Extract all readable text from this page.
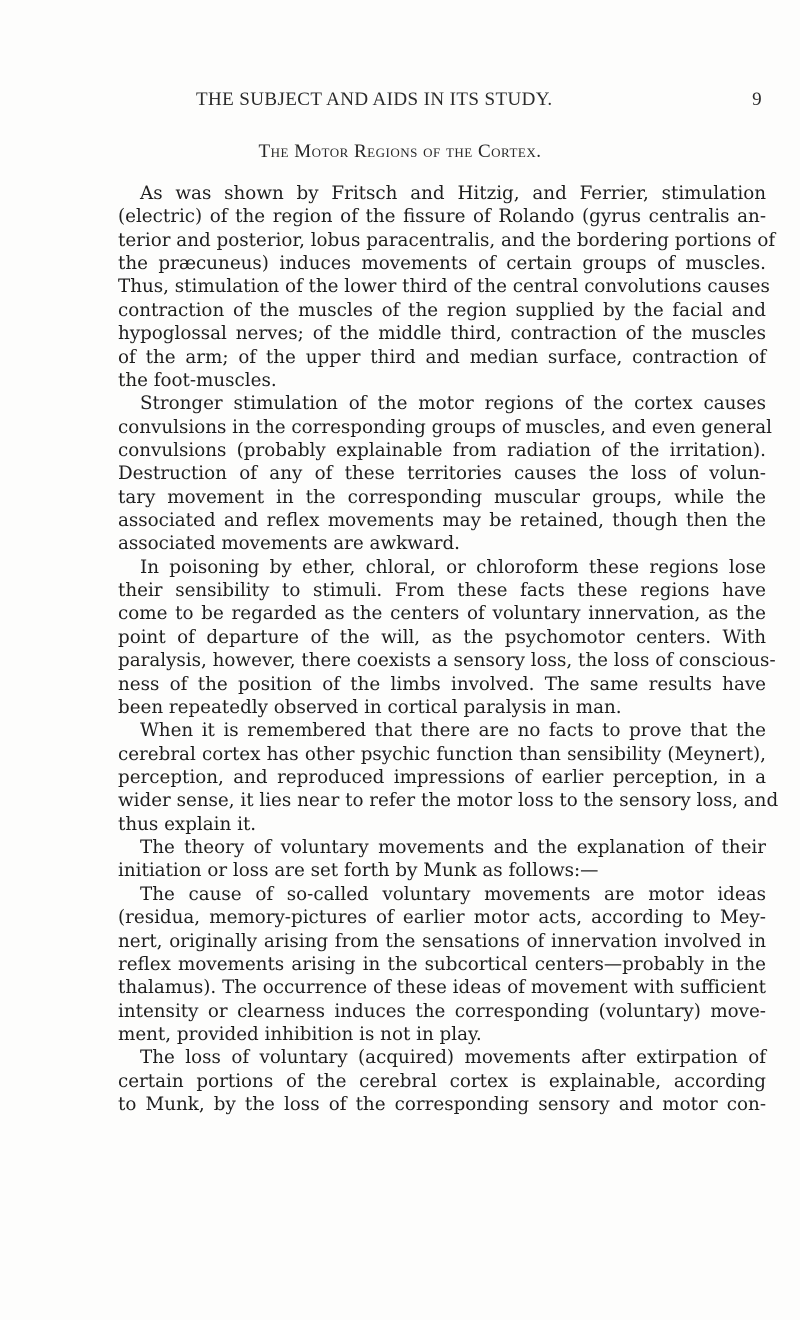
THE SUBJECT AND AIDS IN ITS STUDY.	9
The Motor Regions of the Cortex.
As was shown by Fritsch and Hitzig, and Ferrier, stimulation
(electric) of the region of the fissure of Rolando (gyrus centralis an-
terior and posterior, lobus paracentralis, and the bordering portions of
the præcuneus) induces movements of certain groups of muscles.
Thus, stimulation of the lower third of the central convolutions causes
contraction of the muscles of the region supplied by the facial and
hypoglossal nerves; of the middle third, contraction of the muscles
of the arm; of the upper third and median surface, contraction of
the foot-muscles.
Stronger stimulation of the motor regions of the cortex causes
convulsions in the corresponding groups of muscles, and even general
convulsions (probably explainable from radiation of the irritation).
Destruction of any of these territories causes the loss of volun-
tary movement in the corresponding muscular groups, while the
associated and reflex movements may be retained, though then the
associated movements are awkward.
In poisoning by ether, chloral, or chloroform these regions lose
their sensibility to stimuli. From these facts these regions have
come to be regarded as the centers of voluntary innervation, as the
point of departure of the will, as the psychomotor centers. With
paralysis, however, there coexists a sensory loss, the loss of conscious-
ness of the position of the limbs involved. The same results have
been repeatedly observed in cortical paralysis in man.
When it is remembered that there are no facts to prove that the
cerebral cortex has other psychic function than sensibility (Meynert),
perception, and reproduced impressions of earlier perception, in a
wider sense, it lies near to refer the motor loss to the sensory loss, and
thus explain it.
The theory of voluntary movements and the explanation of their
initiation or loss are set forth by Munk as follows:—
The cause of so-called voluntary movements are motor ideas
(residua, memory-pictures of earlier motor acts, according to Mey-
nert, originally arising from the sensations of innervation involved in
reflex movements arising in the subcortical centers—probably in the
thalamus). The occurrence of these ideas of movement with sufficient
intensity or clearness induces the corresponding (voluntary) move-
ment, provided inhibition is not in play.
The loss of voluntary (acquired) movements after extirpation of
certain portions of the cerebral cortex is explainable, according
to Munk, by the loss of the corresponding sensory and motor con-
